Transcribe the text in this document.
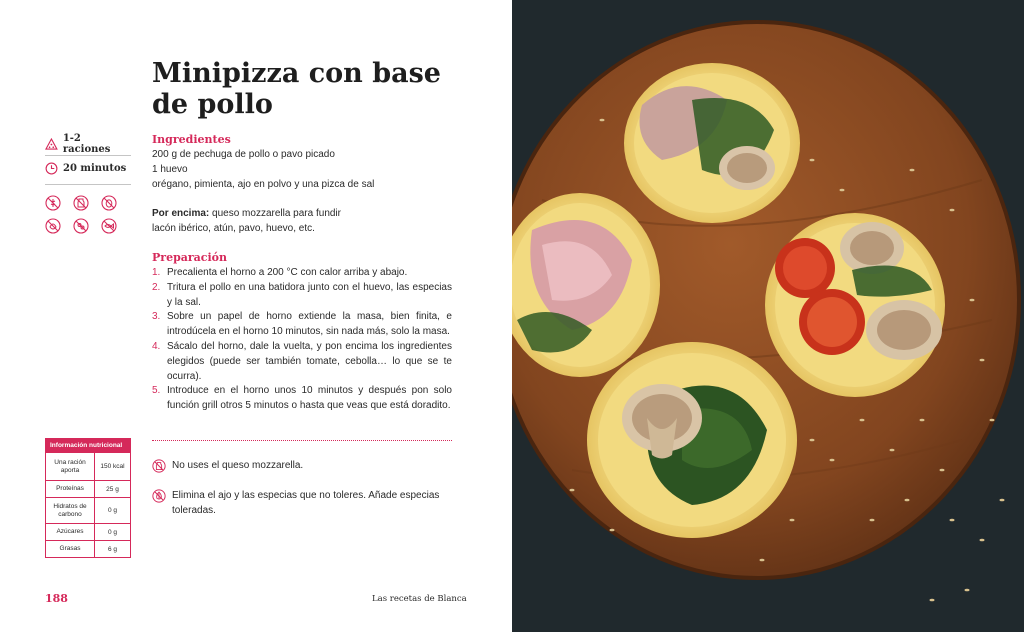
Minipizza con base
de pollo
1-2 raciones
20 minutos
Ingredientes
200 g de pechuga de pollo o pavo picado
1 huevo
orégano, pimienta, ajo en polvo y una pizca de sal
Por encima: queso mozzarella para fundir
lacón ibérico, atún, pavo, huevo, etc.
Preparación
1. Precalienta el horno a 200 °C con calor arriba y abajo.
2. Tritura el pollo en una batidora junto con el huevo, las especias y la sal.
3. Sobre un papel de horno extiende la masa, bien finita, e introdúcela en el horno 10 minutos, sin nada más, solo la masa.
4. Sácalo del horno, dale la vuelta, y pon encima los ingredientes elegidos (puede ser también tomate, cebolla… lo que se te ocurra).
5. Introduce en el horno unos 10 minutos y después pon solo función grill otros 5 minutos o hasta que veas que está doradito.
No uses el queso mozzarella.
Elimina el ajo y las especias que no toleres. Añade especias toleradas.
Información nutricional
Una ración aporta	150 kcal
Proteínas	25 g
Hidratos de carbono	0 g
Azúcares	0 g
Grasas	6 g
188	Las recetas de Blanca
